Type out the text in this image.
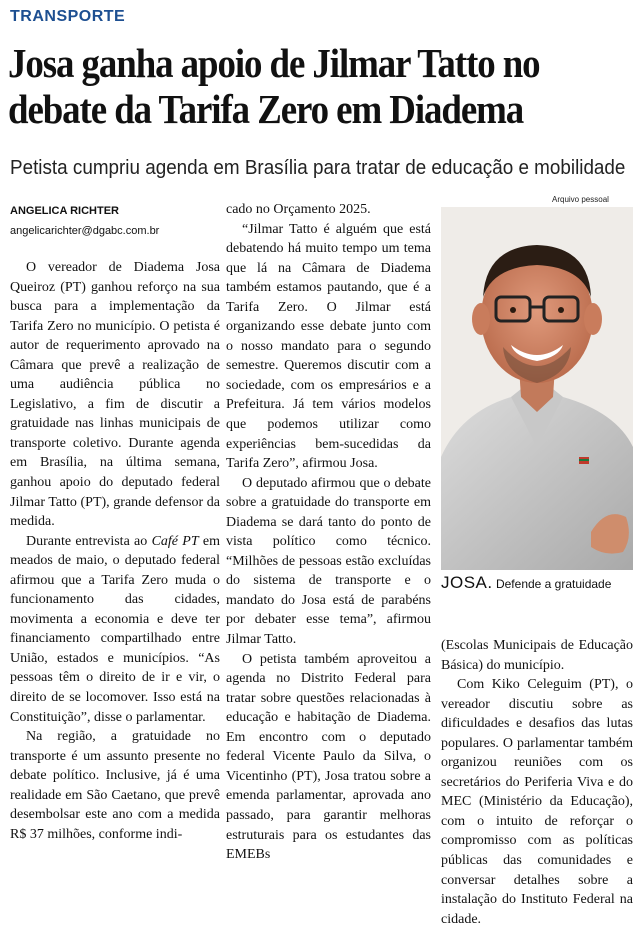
TRANSPORTE
Josa ganha apoio de Jilmar Tatto no debate da Tarifa Zero em Diadema
Petista cumpriu agenda em Brasília para tratar de educação e mobilidade
ANGELICA RICHTER
angelicarichter@dgabc.com.br

O vereador de Diadema Josa Queiroz (PT) ganhou reforço na sua busca para a implementação da Tarifa Zero no município. O petista é autor de requerimento aprovado na Câmara que prevê a realização de uma audiência pública no Legislativo, a fim de discutir a gratuidade nas linhas municipais de transporte coletivo. Durante agenda em Brasília, na última semana, ganhou apoio do deputado federal Jilmar Tatto (PT), grande defensor da medida.

Durante entrevista ao Café PT em meados de maio, o deputado federal afirmou que a Tarifa Zero muda o funcionamento das cidades, movimenta a economia e deve ter financiamento compartilhado entre União, estados e municípios. “As pessoas têm o direito de ir e vir, o direito de se locomover. Isso está na Constituição”, disse o parlamentar.

Na região, a gratuidade no transporte é um assunto presente no debate político. Inclusive, já é uma realidade em São Caetano, que prevê desembolsar este ano com a medida R$ 37 milhões, conforme indi-

cado no Orçamento 2025.

“Jilmar Tatto é alguém que está debatendo há muito tempo um tema que lá na Câmara de Diadema também estamos pautando, que é a Tarifa Zero. O Jilmar está organizando esse debate junto com o nosso mandato para o segundo semestre. Queremos discutir com a sociedade, com os empresários e a Prefeitura. Já tem vários modelos que podemos utilizar como experiências bem-sucedidas da Tarifa Zero”, afirmou Josa.

O deputado afirmou que o debate sobre a gratuidade do transporte em Diadema se dará tanto do ponto de vista político como técnico. “Milhões de pessoas estão excluídas do sistema de transporte e o mandato do Josa está de parabéns por debater esse tema”, afirmou Jilmar Tatto.

O petista também aproveitou a agenda no Distrito Federal para tratar sobre questões relacionadas à educação e habitação de Diadema. Em encontro com o deputado federal Vicente Paulo da Silva, o Vicentinho (PT), Josa tratou sobre a emenda parlamentar, aprovada ano passado, para garantir melhoras estruturais para os estudantes das EMEBs

Arquivo pessoal
JOSA. Defende a gratuidade

(Escolas Municipais de Educação Básica) do município.

Com Kiko Celeguim (PT), o vereador discutiu sobre as dificuldades e desafios das lutas populares. O parlamentar também organizou reuniões com os secretários do Periferia Viva e do MEC (Ministério da Educação), com o intuito de reforçar o compromisso com as políticas públicas das comunidades e conversar detalhes sobre a instalação do Instituto Federal na cidade.
